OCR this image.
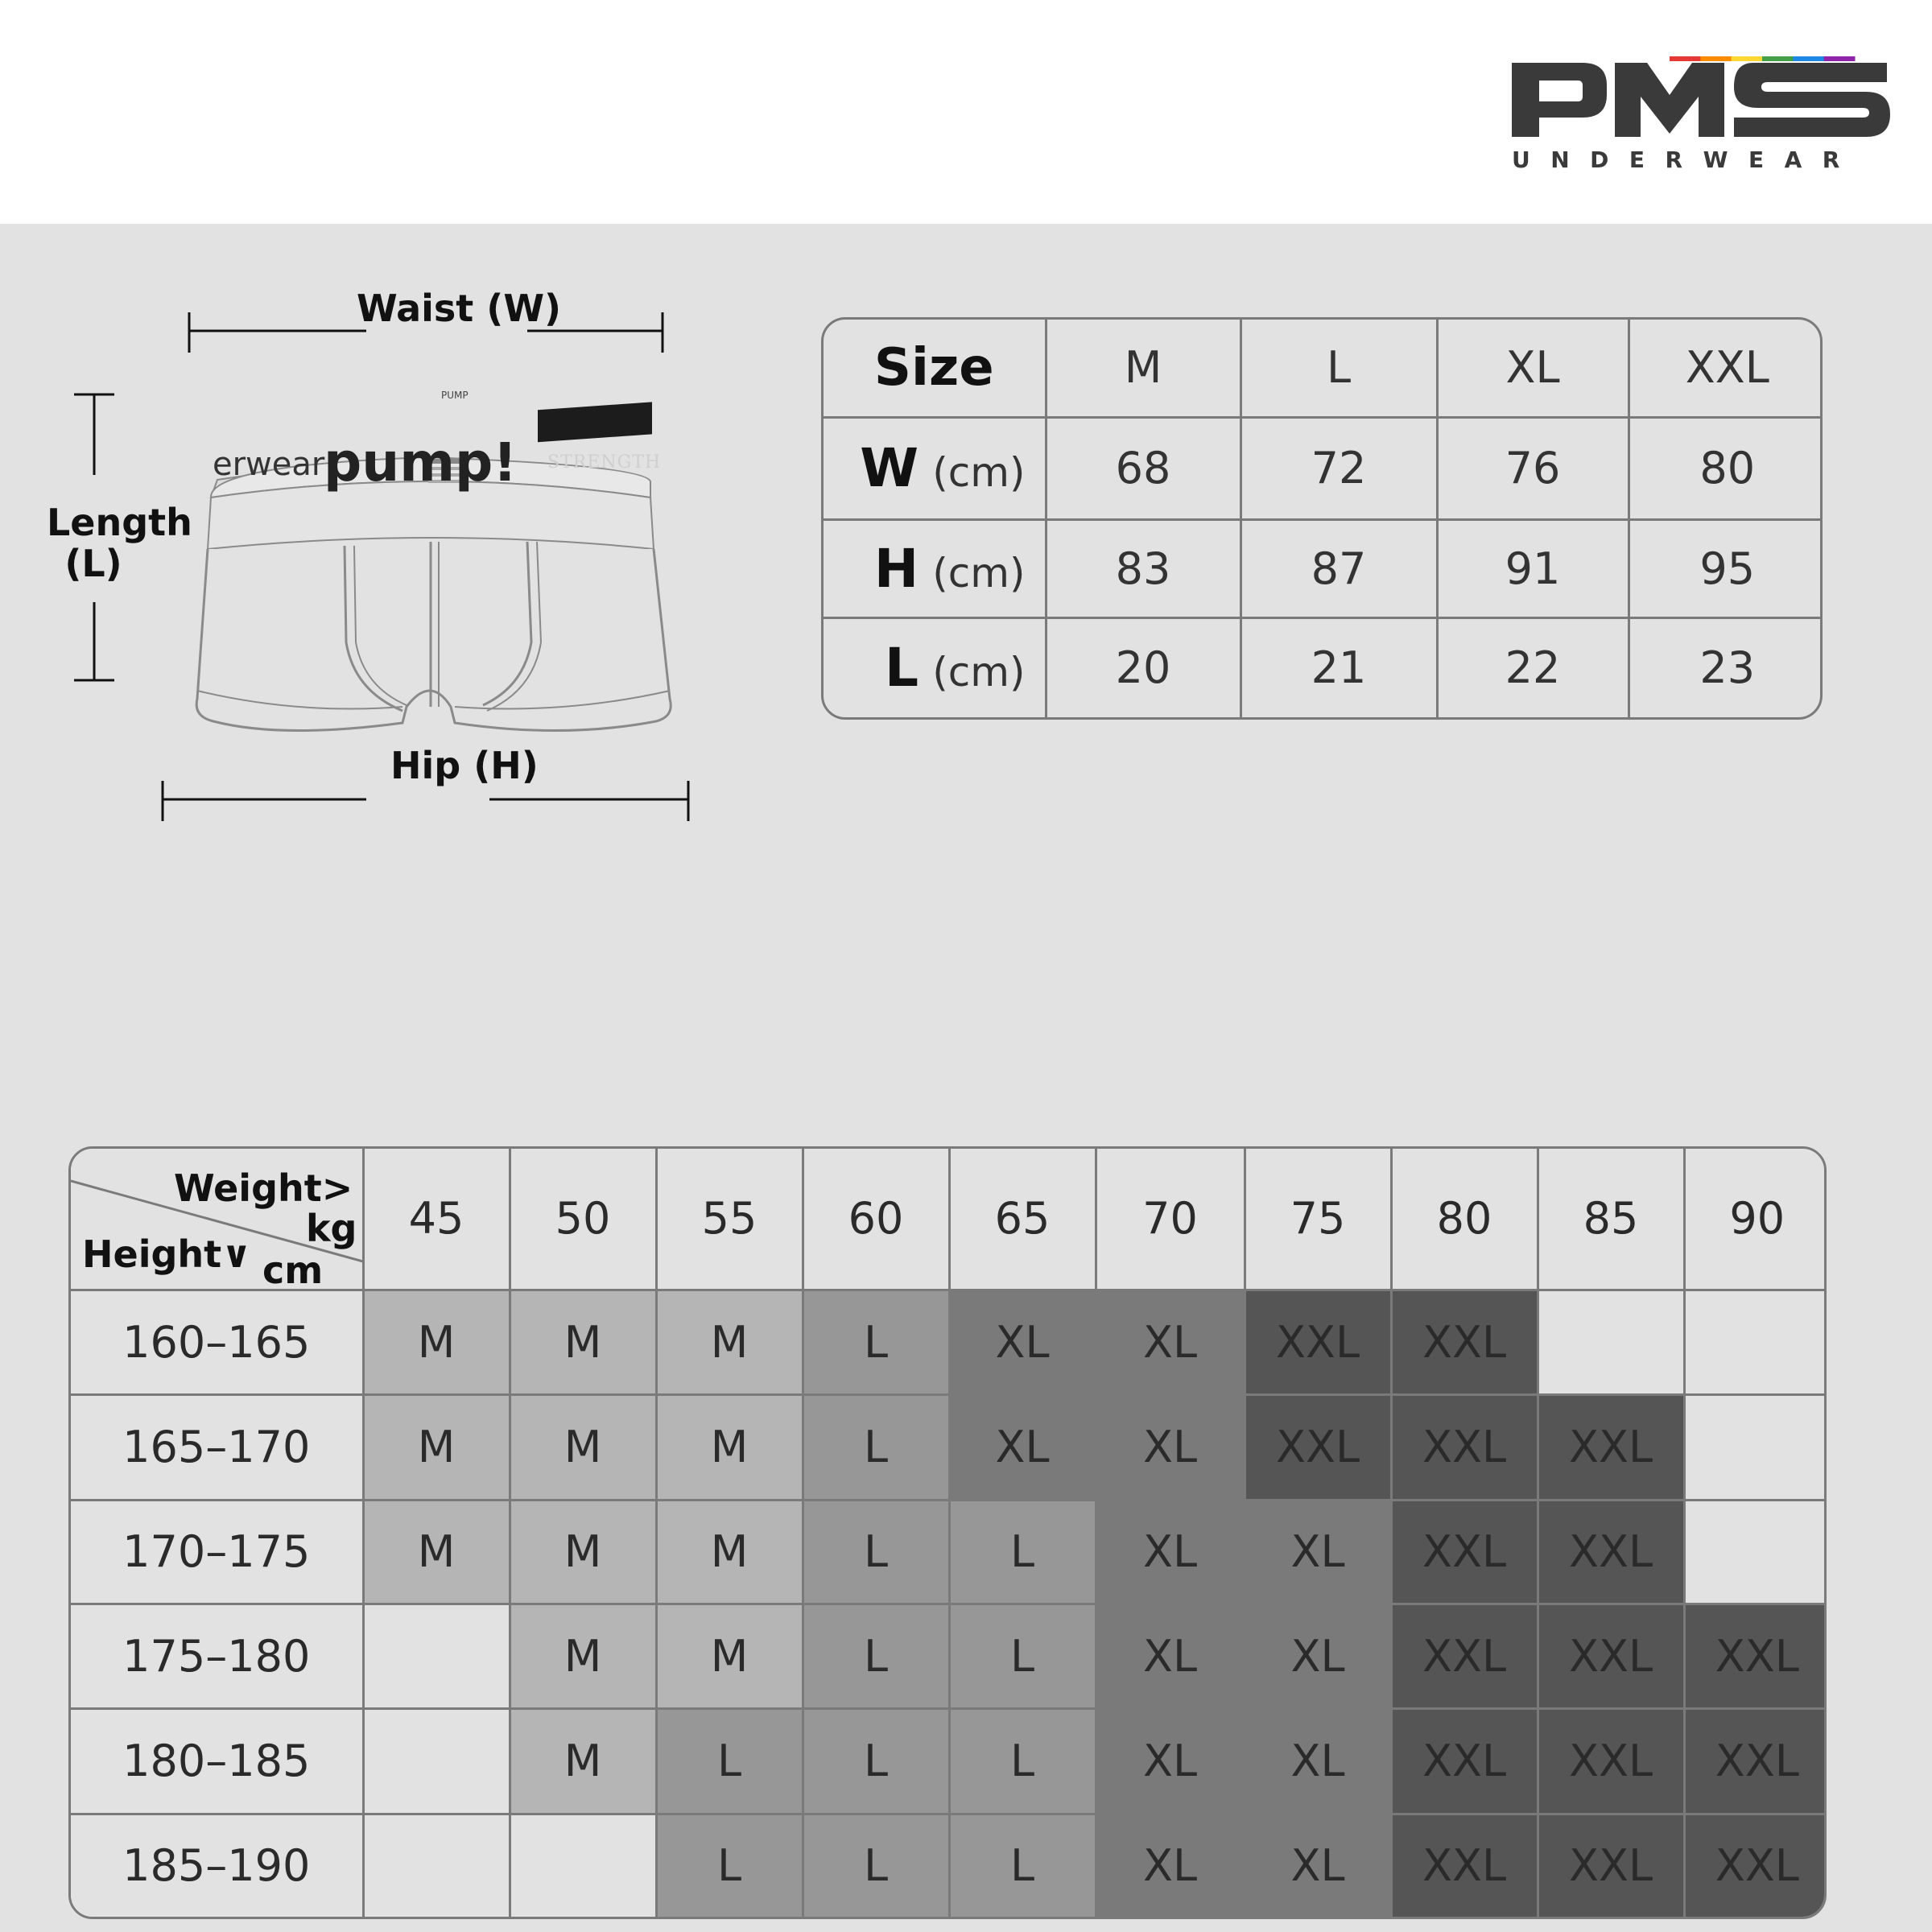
UNDERWEAR
Waist (W)
Hip (H)
Length
(L)
erwear
pump! STRENGTH
PUMP	Size	M	L	XL	XXL
W (cm)	68	72	76	80
H (cm)	83	87	91	95
L (cm)	20	21	22	23
Weight>
kg
Height∨ cm	45	50	55	60	65	70	75	80	85	90
160–165	M	M	M	L	XL	XL	XXL	XXL		
165–170	M	M	M	L	XL	XL	XXL	XXL	XXL	
170–175	M	M	M	L	L	XL	XL	XXL	XXL	
175–180		M	M	L	L	XL	XL	XXL	XXL	XXL
180–185		M	L	L	L	XL	XL	XXL	XXL	XXL
185–190			L	L	L	XL	XL	XXL	XXL	XXL
